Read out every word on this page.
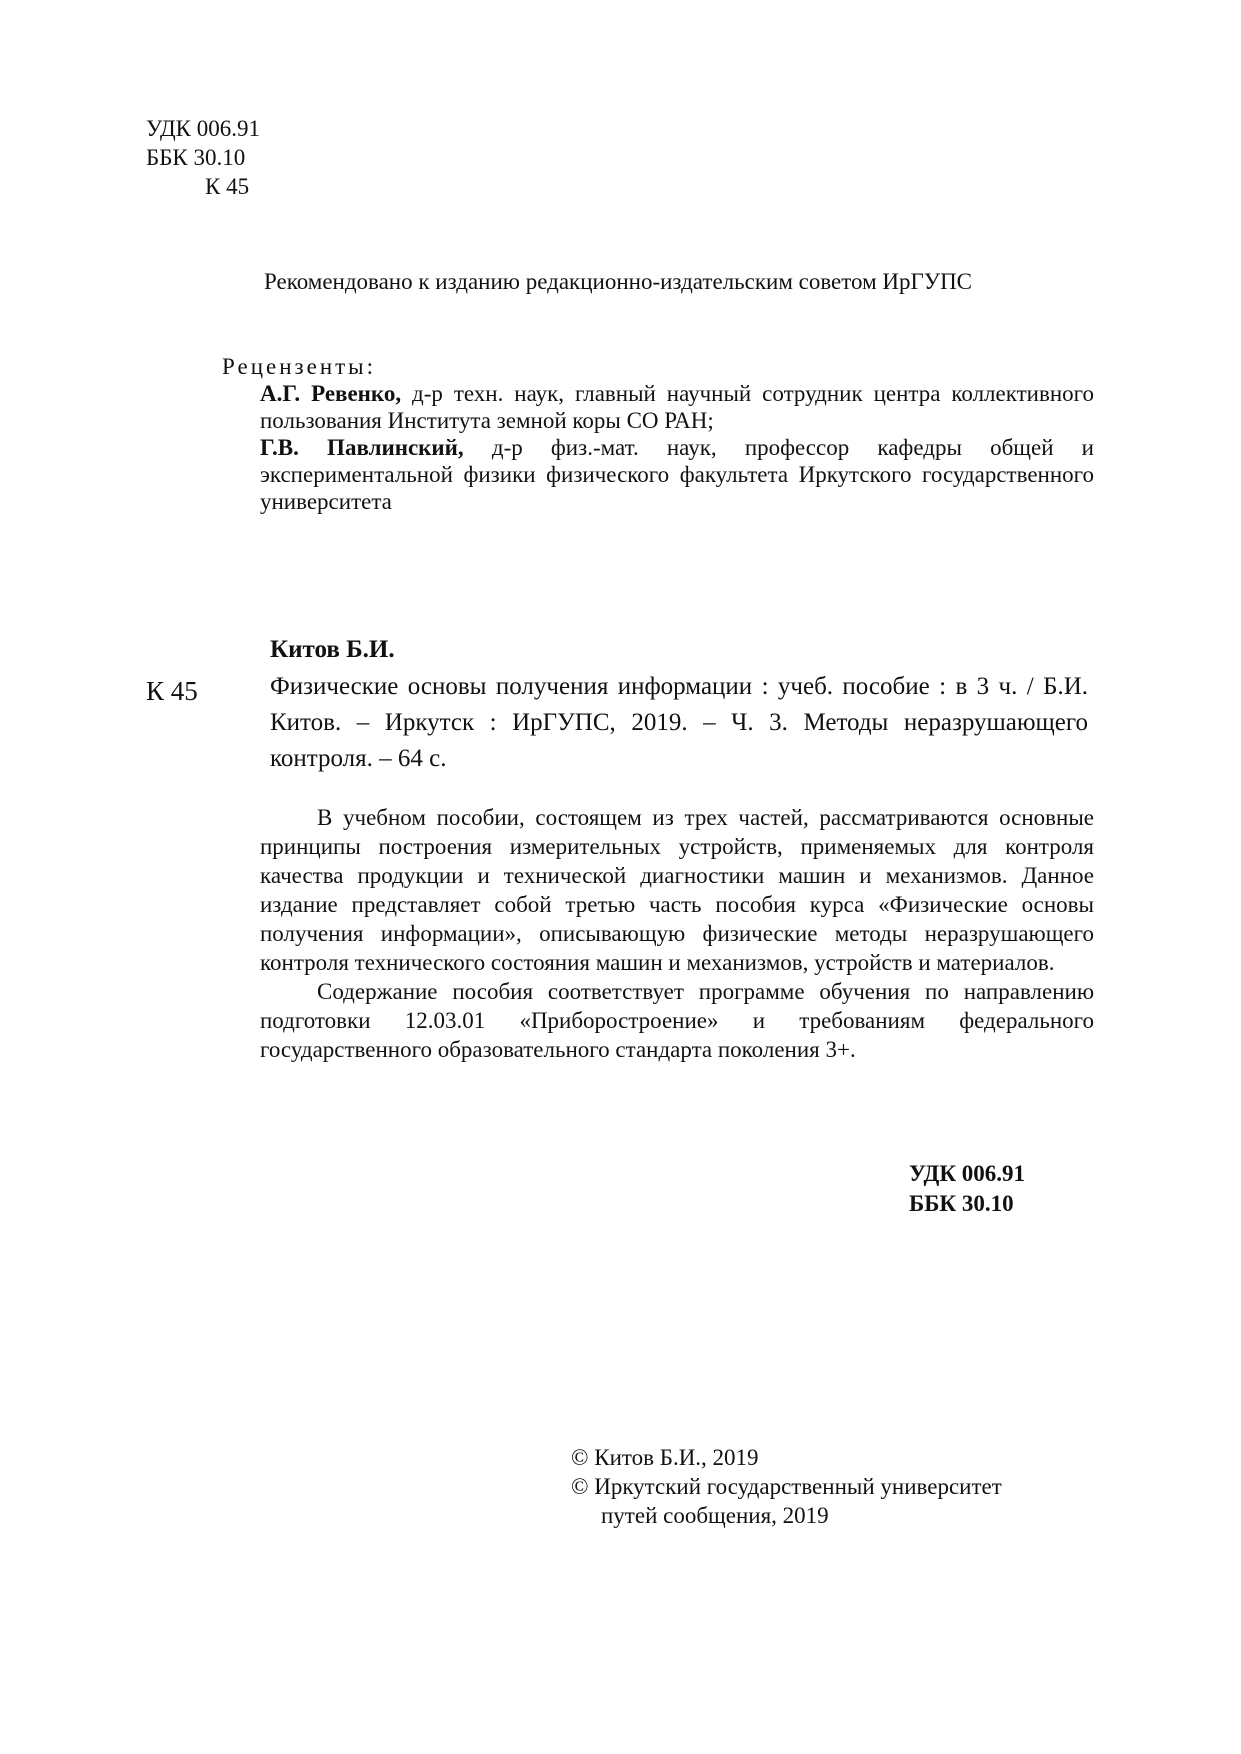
УДК 006.91
ББК 30.10
К 45
Рекомендовано к изданию редакционно-издательским советом ИрГУПС
Рецензенты:
А.Г. Ревенко, д-р техн. наук, главный научный сотрудник центра коллективного пользования Института земной коры СО РАН;
Г.В. Павлинский, д-р физ.-мат. наук, профессор кафедры общей и экспериментальной физики физического факультета Иркутского государственного университета
Китов Б.И.
К 45	Физические основы получения информации : учеб. пособие : в 3 ч. / Б.И. Китов. – Иркутск : ИрГУПС, 2019. – Ч. 3. Методы неразрушающего контроля. – 64 с.

В учебном пособии, состоящем из трех частей, рассматриваются основные принципы построения измерительных устройств, применяемых для контроля качества продукции и технической диагностики машин и механизмов. Данное издание представляет собой третью часть пособия курса «Физические основы получения информации», описывающую физические методы неразрушающего контроля технического состояния машин и механизмов, устройств и материалов.

Содержание пособия соответствует программе обучения по направлению подготовки 12.03.01 «Приборостроение» и требованиям федерального государственного образовательного стандарта поколения 3+.

УДК 006.91
ББК 30.10
© Китов Б.И., 2019
© Иркутский государственный университет
путей сообщения, 2019
